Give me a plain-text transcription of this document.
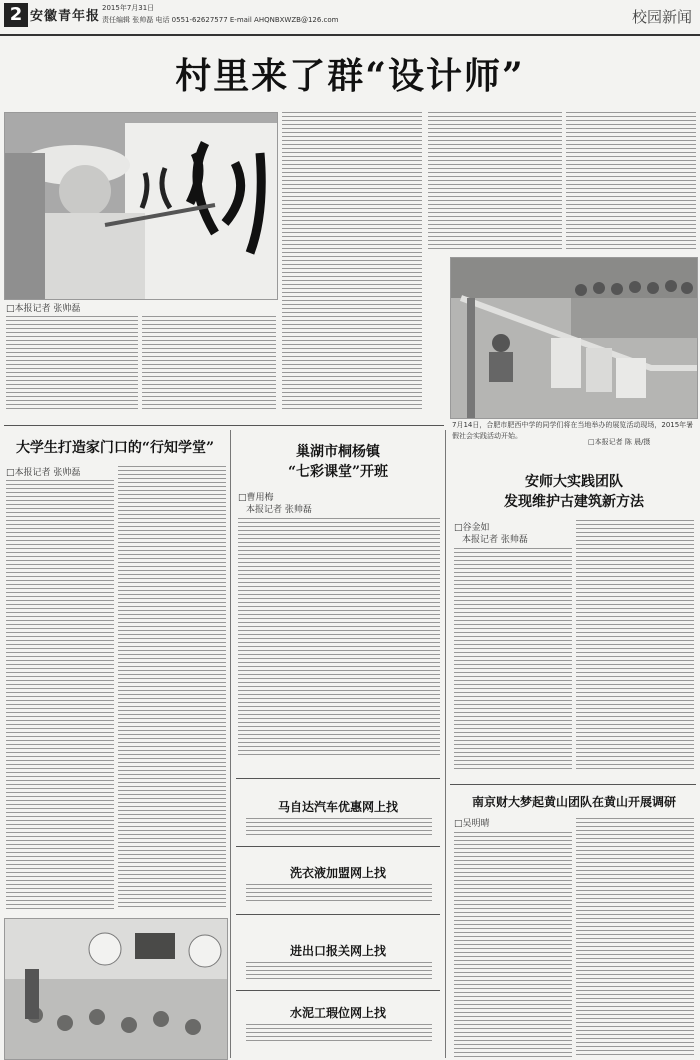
2 安徽青年报
2015年7月31日
责任编辑 张帅磊 电话 0551-62627577 E-mail AHQNBXWZB@126.com	校园新闻
村里来了群“设计师”
□本报记者 张帅磊
7月14日，合肥市肥西中学的同学们将在当地举办的展览活动现场，2015年暑假社会实践活动开始。
□本报记者 陈 晨/摄
大学生打造家门口的“行知学堂”
□本报记者 张帅磊
巢湖市桐杨镇
“七彩课堂”开班
□曹用梅
本报记者 张帅磊
马自达汽车优惠网上找
洗衣液加盟网上找
进出口报关网上找
水泥工瑕位网上找
安师大实践团队
发现维护古建筑新方法
□谷金如
本报记者 张帅磊
南京财大梦起黄山团队在黄山开展调研
□吴明晴
